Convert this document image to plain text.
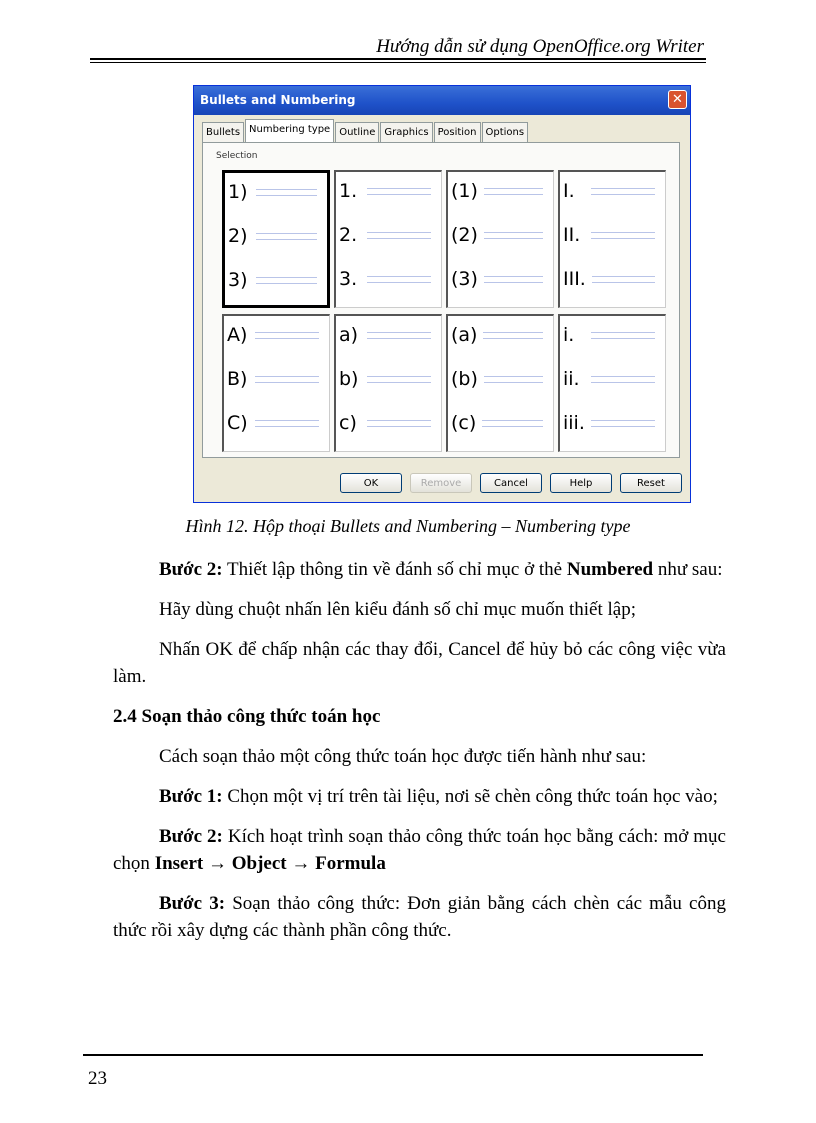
Hướng dẫn sử dụng OpenOffice.org Writer
Bullets and Numbering	✕
Bullets Numbering type Outline Graphics Position Options
Selection
1)
2)
3)
1.
2.
3.
(1)
(2)
(3)
I.
II.
III.
A)
B)
C)
a)
b)
c)
(a)
(b)
(c)
i.
ii.
iii.
OK	Remove	Cancel	Help	Reset
Hình 12. Hộp thoại Bullets and Numbering – Numbering type

Bước 2: Thiết lập thông tin về đánh số chỉ mục ở thẻ Numbered như sau:

Hãy dùng chuột nhấn lên kiểu đánh số chỉ mục muốn thiết lập;

Nhấn OK để chấp nhận các thay đổi, Cancel để hủy bỏ các công việc vừa làm.

2.4 Soạn thảo công thức toán học

Cách soạn thảo một công thức toán học được tiến hành như sau:

Bước 1: Chọn một vị trí trên tài liệu, nơi sẽ chèn công thức toán học vào;

Bước 2: Kích hoạt trình soạn thảo công thức toán học bằng cách: mở mục chọn Insert → Object → Formula

Bước 3: Soạn thảo công thức: Đơn giản bằng cách chèn các mẫu công thức rồi xây dựng các thành phần công thức.

23
